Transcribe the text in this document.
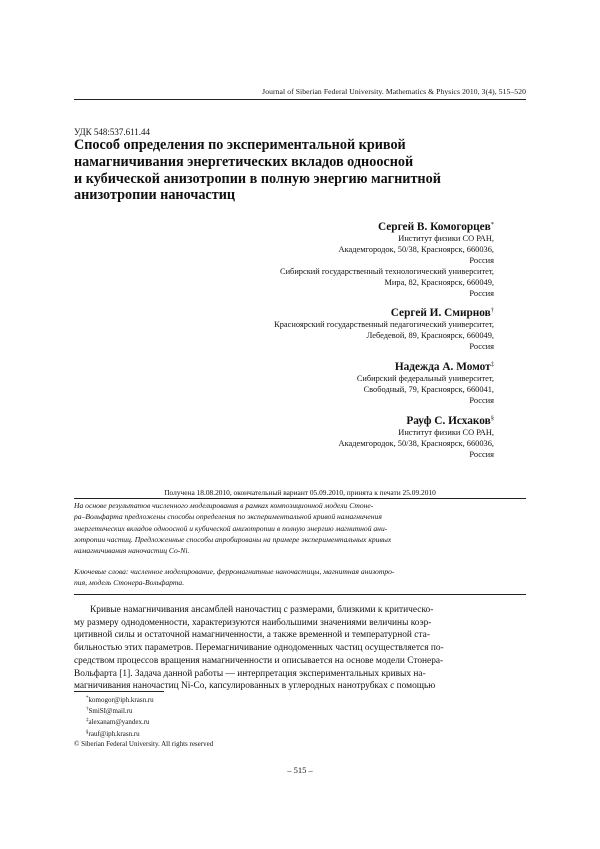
Journal of Siberian Federal University. Mathematics & Physics 2010, 3(4), 515–520
УДК 548:537.611.44
Способ определения по экспериментальной кривой
намагничивания энергетических вкладов одноосной
и кубической анизотропии в полную энергию магнитной
анизотропии наночастиц
Сергей В. Комогорцев*
Институт физики СО РАН,
Академгородок, 50/38, Красноярск, 660036,
Россия
Сибирский государственный технологический университет,
Мира, 82, Красноярск, 660049,
Россия
Сергей И. Смирнов†
Красноярский государственный педагогический университет,
Лебедевой, 89, Красноярск, 660049,
Россия
Надежда А. Момот‡
Сибирский федеральный университет,
Свободный, 79, Красноярск, 660041,
Россия
Рауф С. Исхаков§
Институт физики СО РАН,
Академгородок, 50/38, Красноярск, 660036,
Россия
Получена 18.08.2010, окончательный вариант 05.09.2010, принята к печати 25.09.2010
На основе результатов численного моделирования в рамках композиционной модели Стоне-
ра–Вольфарта предложены способы определения по экспериментальной кривой намагничения
энергетических вкладов одноосной и кубической анизотропии в полную энергию магнитной ани-
зотропии частиц. Предложенные способы апробированы на примере экспериментальных кривых
намагничивания наночастиц Co-Ni.
Ключевые слова: численное моделирование, ферромагнитные наночастицы, магнитная анизотро-
пия, модель Стонера-Вольфарта.
Кривые намагничивания ансамблей наночастиц с размерами, близкими к критическо-
му размеру однодоменности, характеризуются наибольшими значениями величины коэр-
цитивной силы и остаточной намагниченности, а также временной и температурной ста-
бильностью этих параметров. Перемагничивание однодоменных частиц осуществляется по-
средством процессов вращения намагниченности и описывается на основе модели Стонера-
Вольфарта [1]. Задача данной работы — интерпретация экспериментальных кривых на-
магничивания наночастиц Ni-Co, капсулированных в углеродных нанотрубках с помощью
*komogor@iph.krasn.ru
†SmiSI@mail.ru
‡alexanam@yandex.ru
§rauf@iph.krasn.ru
© Siberian Federal University. All rights reserved
– 515 –
